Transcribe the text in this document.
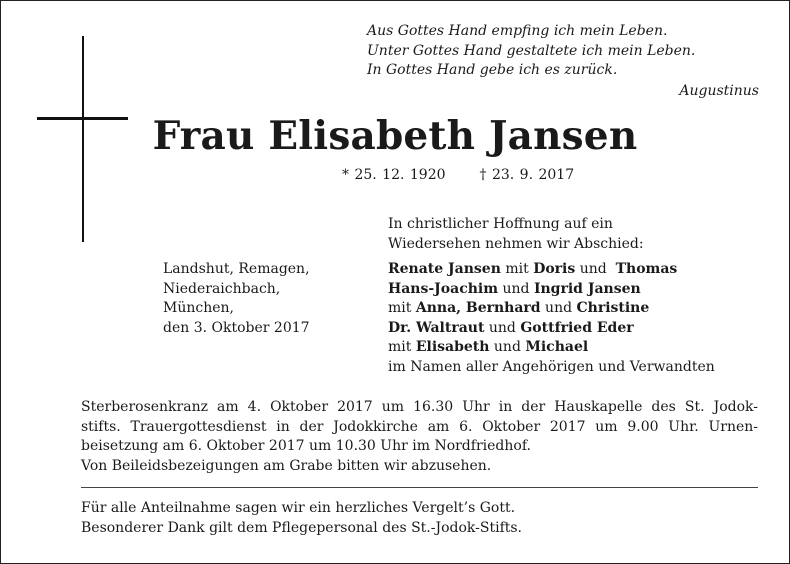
Aus Gottes Hand empfing ich mein Leben.
Unter Gottes Hand gestaltete ich mein Leben.
In Gottes Hand gebe ich es zurück.
Augustinus
Frau Elisabeth Jansen
* 25. 12. 1920 † 23. 9. 2017
In christlicher Hoffnung auf ein
Wiedersehen nehmen wir Abschied:
Landshut, Remagen,
Niederaichbach,
München,
den 3. Oktober 2017
Renate Jansen mit Doris und Thomas
Hans-Joachim und Ingrid Jansen
mit Anna, Bernhard und Christine
Dr. Waltraut und Gottfried Eder
mit Elisabeth und Michael
im Namen aller Angehörigen und Verwandten
Sterberosenkranz am 4. Oktober 2017 um 16.30 Uhr in der Hauskapelle des St. Jodok-
stifts. Trauergottesdienst in der Jodokkirche am 6. Oktober 2017 um 9.00 Uhr. Urnen-
beisetzung am 6. Oktober 2017 um 10.30 Uhr im Nordfriedhof.
Von Beileidsbezeigungen am Grabe bitten wir abzusehen.
Für alle Anteilnahme sagen wir ein herzliches Vergelt’s Gott.
Besonderer Dank gilt dem Pflegepersonal des St.-Jodok-Stifts.
